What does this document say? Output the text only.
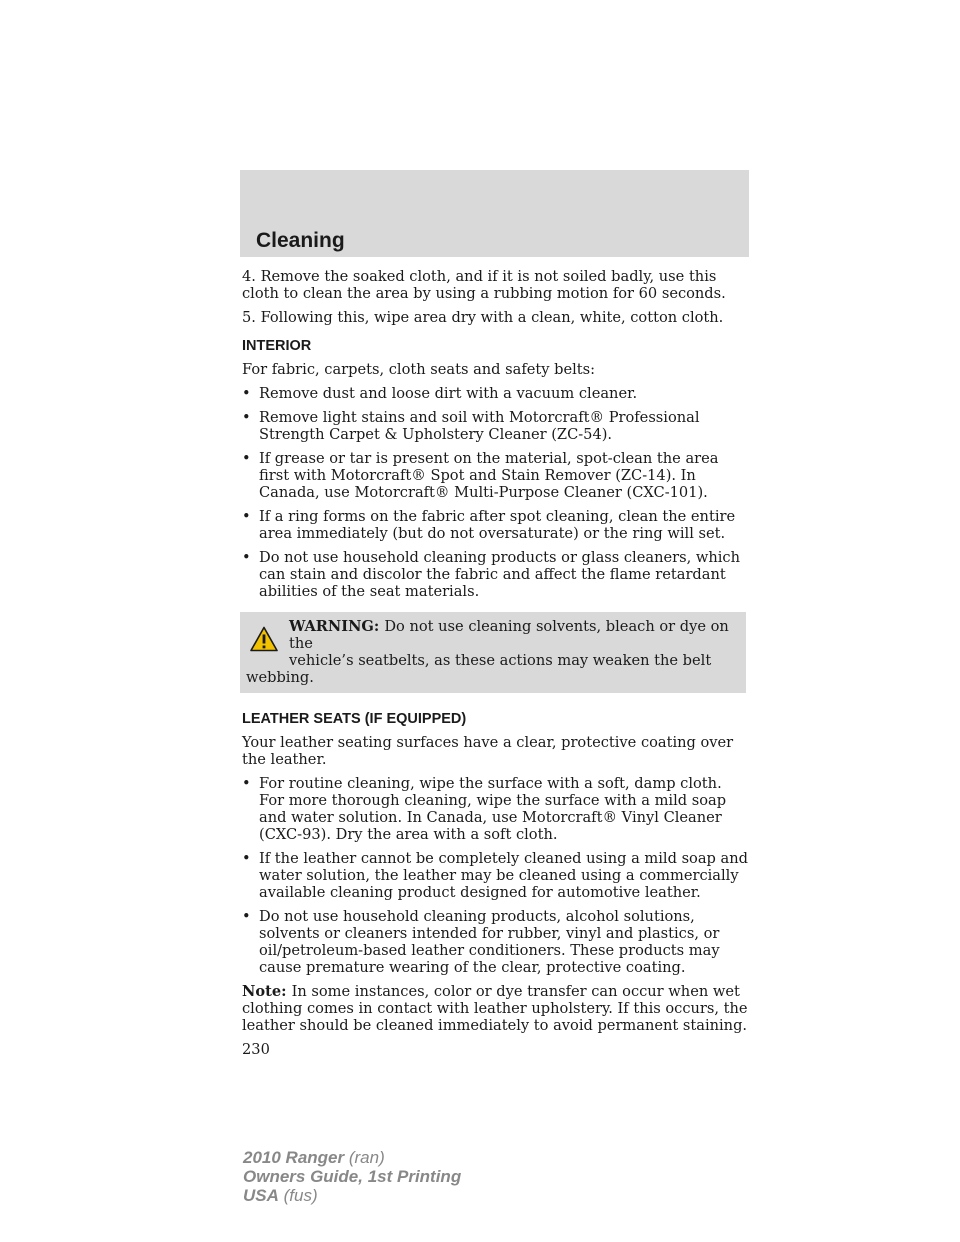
Cleaning

4. Remove the soaked cloth, and if it is not soiled badly, use this cloth to clean the area by using a rubbing motion for 60 seconds.

5. Following this, wipe area dry with a clean, white, cotton cloth.

INTERIOR

For fabric, carpets, cloth seats and safety belts:

• Remove dust and loose dirt with a vacuum cleaner.
• Remove light stains and soil with Motorcraft® Professional Strength Carpet & Upholstery Cleaner (ZC-54).
• If grease or tar is present on the material, spot-clean the area first with Motorcraft® Spot and Stain Remover (ZC-14). In Canada, use Motorcraft® Multi-Purpose Cleaner (CXC-101).
• If a ring forms on the fabric after spot cleaning, clean the entire area immediately (but do not oversaturate) or the ring will set.
• Do not use household cleaning products or glass cleaners, which can stain and discolor the fabric and affect the flame retardant abilities of the seat materials.
WARNING: Do not use cleaning solvents, bleach or dye on the
vehicle’s seatbelts, as these actions may weaken the belt
webbing.
LEATHER SEATS (IF EQUIPPED)

Your leather seating surfaces have a clear, protective coating over the leather.

• For routine cleaning, wipe the surface with a soft, damp cloth. For more thorough cleaning, wipe the surface with a mild soap and water solution. In Canada, use Motorcraft® Vinyl Cleaner (CXC-93). Dry the area with a soft cloth.
• If the leather cannot be completely cleaned using a mild soap and water solution, the leather may be cleaned using a commercially available cleaning product designed for automotive leather.
• Do not use household cleaning products, alcohol solutions, solvents or cleaners intended for rubber, vinyl and plastics, or oil/petroleum-based leather conditioners. These products may cause premature wearing of the clear, protective coating.

Note: In some instances, color or dye transfer can occur when wet clothing comes in contact with leather upholstery. If this occurs, the leather should be cleaned immediately to avoid permanent staining.

230
2010 Ranger (ran)
Owners Guide, 1st Printing
USA (fus)
